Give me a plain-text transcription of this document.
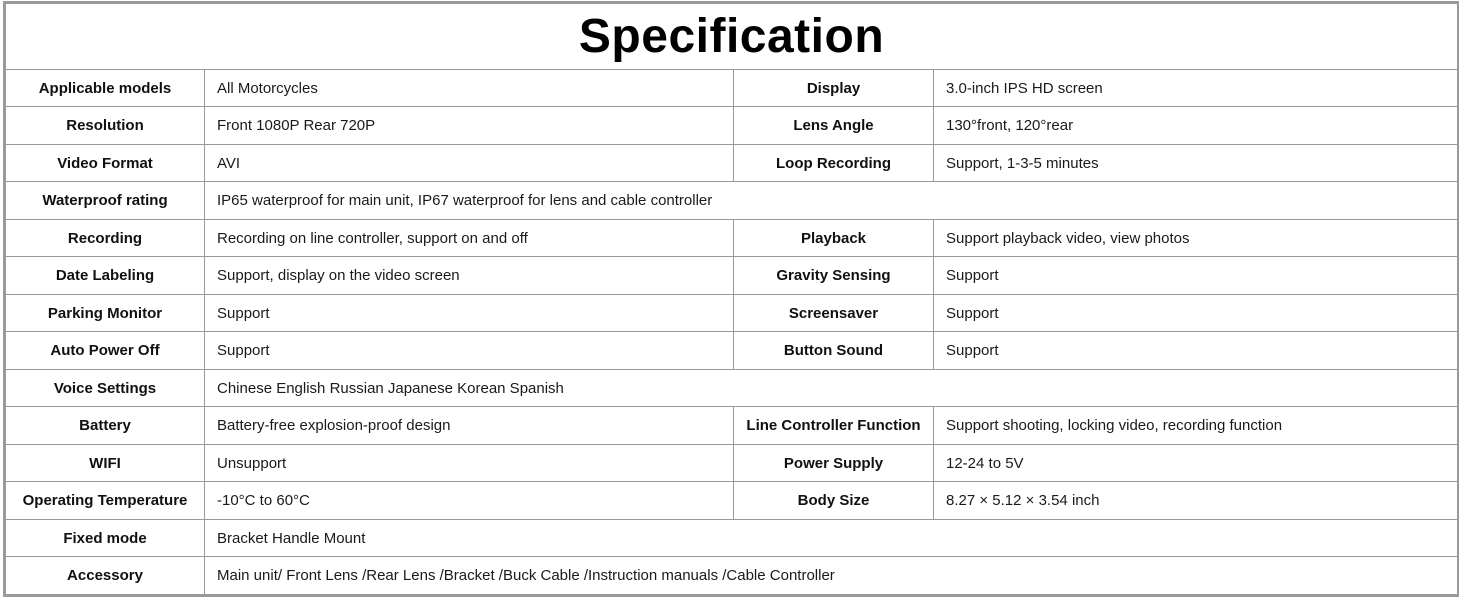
Specification			
Applicable models	All Motorcycles	Display	3.0-inch IPS HD screen
Resolution	Front 1080P Rear 720P	Lens Angle	130°front, 120°rear
Video Format	AVI	Loop Recording	Support, 1-3-5 minutes
Waterproof rating	IP65 waterproof for main unit, IP67 waterproof for lens and cable controller		
Recording	Recording on line controller, support on and off	Playback	Support playback video, view photos
Date Labeling	Support, display on the video screen	Gravity Sensing	Support
Parking Monitor	Support	Screensaver	Support
Auto Power Off	Support	Button Sound	Support
Voice Settings	Chinese English Russian Japanese Korean Spanish		
Battery	Battery-free explosion-proof design	Line Controller Function	Support shooting, locking video, recording function
WIFI	Unsupport	Power Supply	12-24 to 5V
Operating Temperature	-10°C to 60°C	Body Size	8.27 × 5.12 × 3.54 inch
Fixed mode	Bracket Handle Mount		
Accessory	Main unit/ Front Lens /Rear Lens /Bracket /Buck Cable /Instruction manuals /Cable Controller		
